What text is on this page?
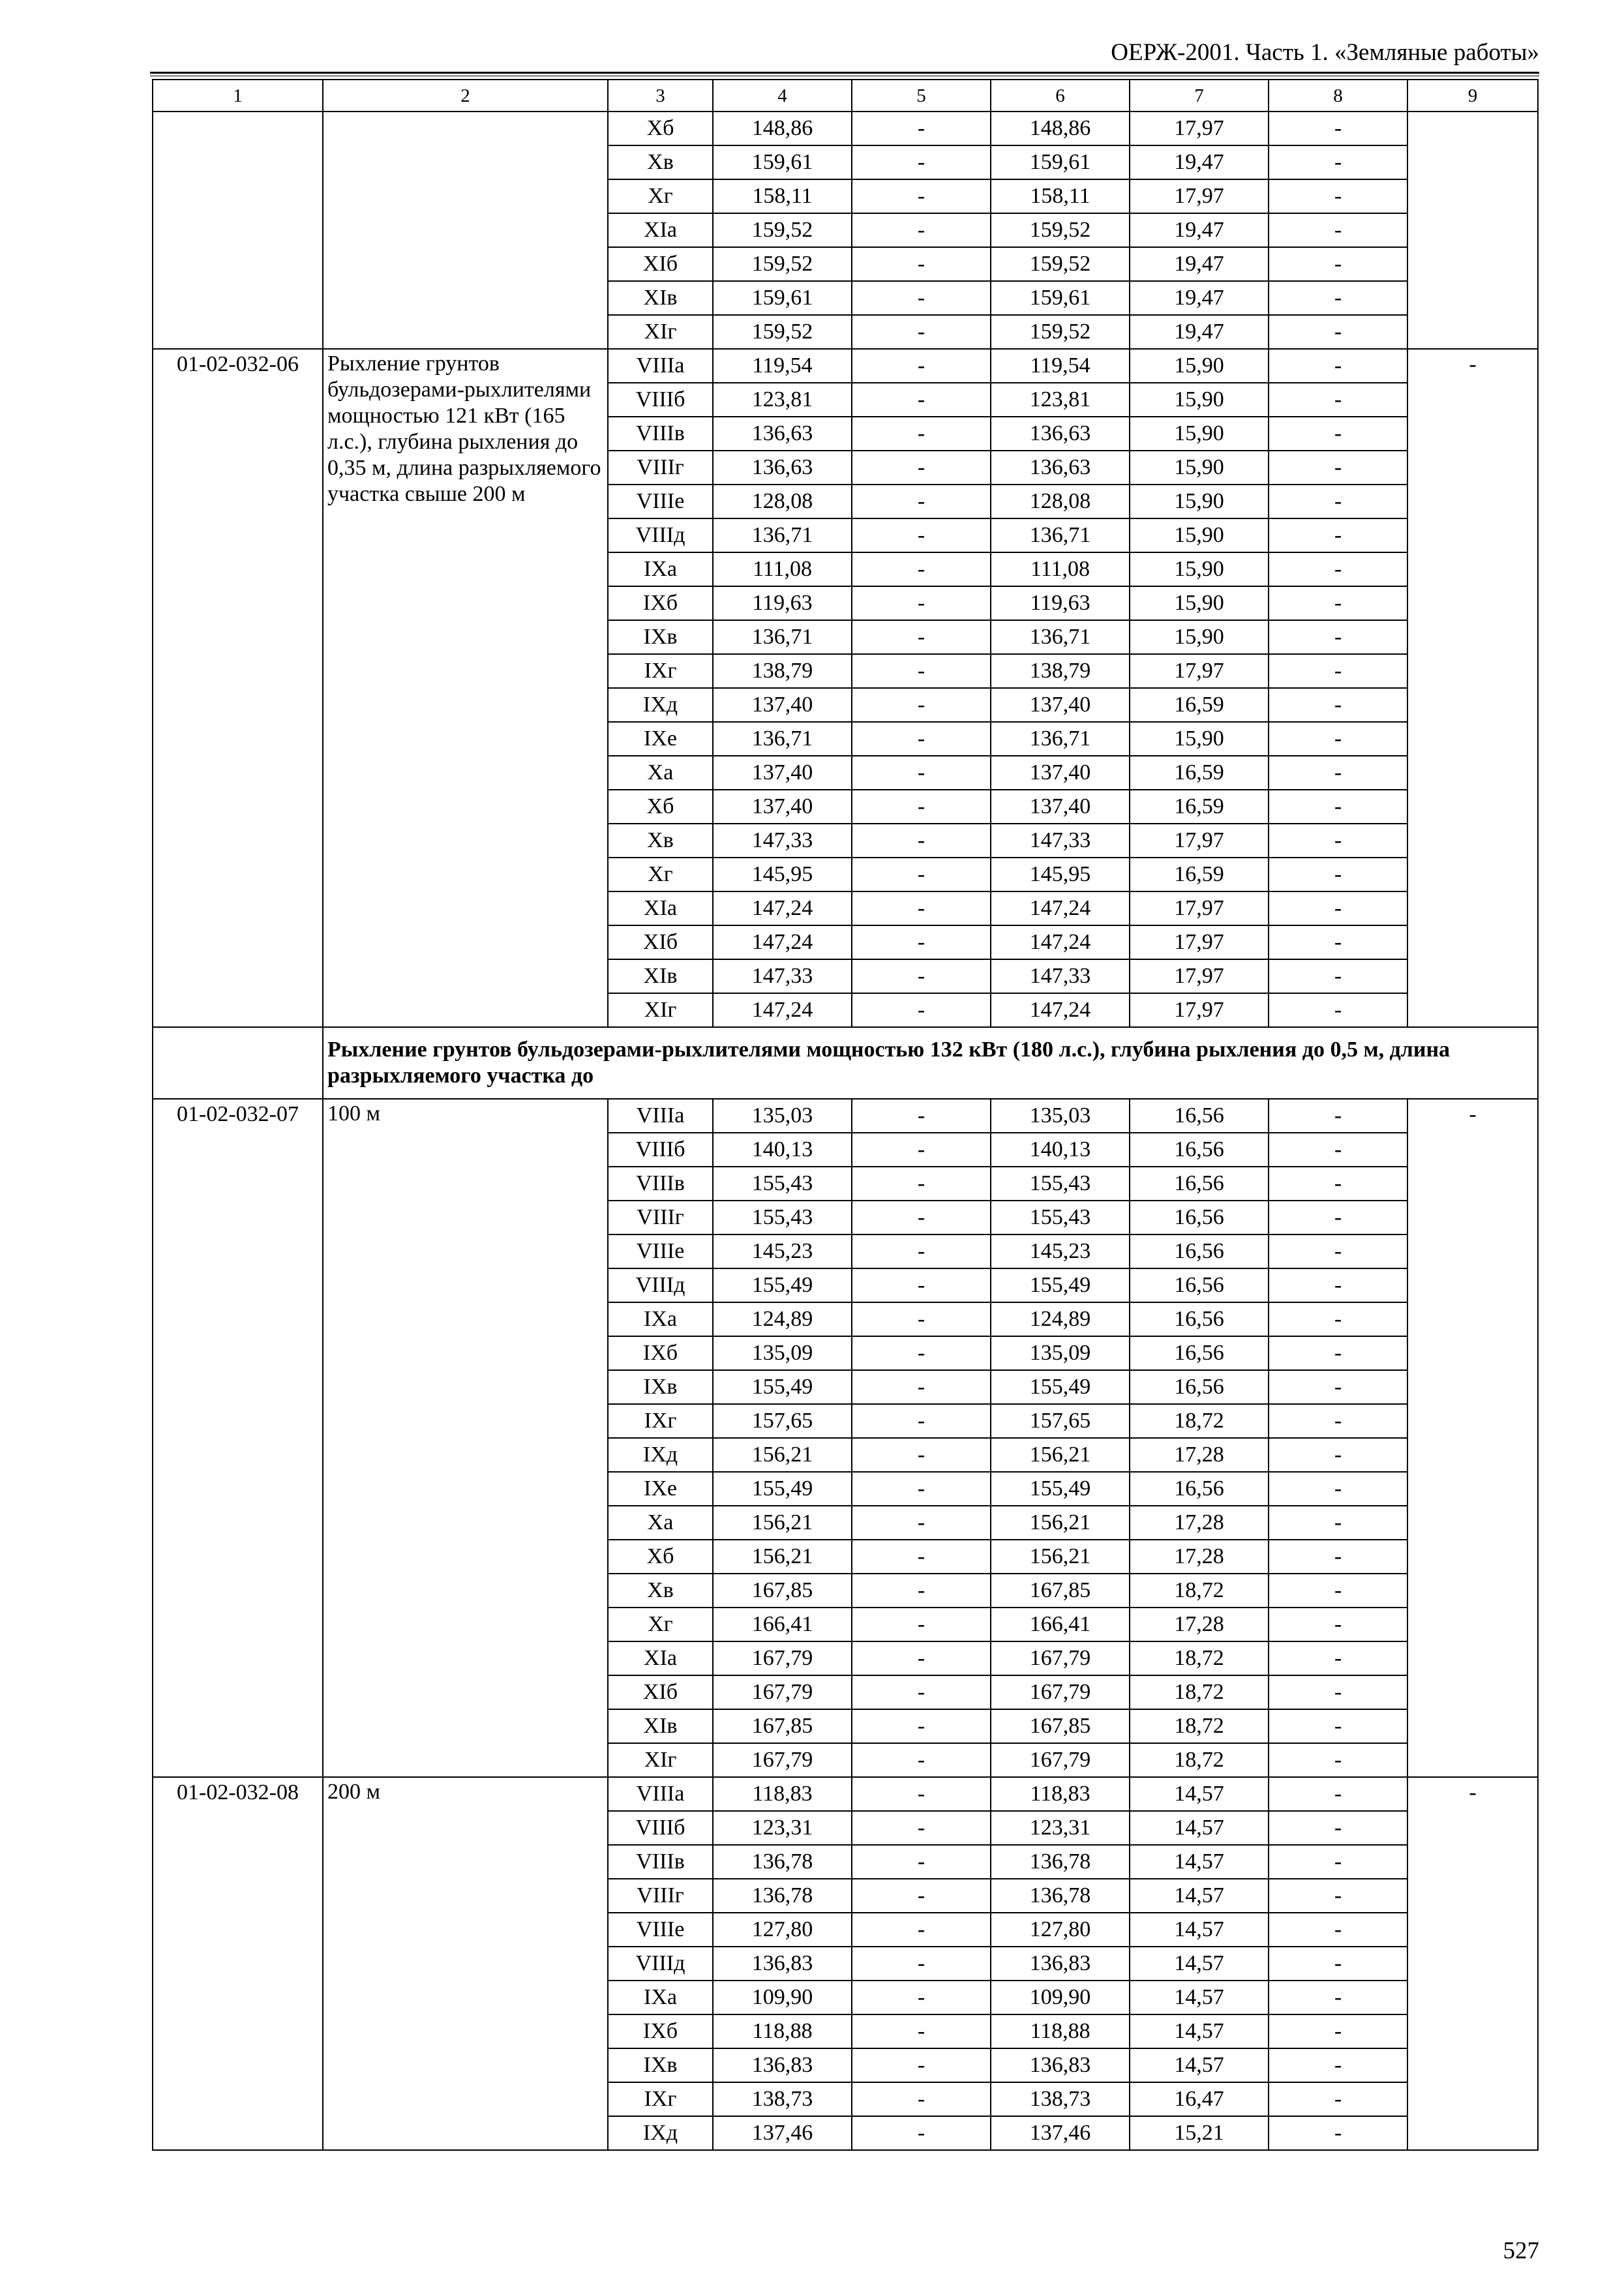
ОЕРЖ-2001. Часть 1. «Земляные работы»
1	2	3	4	5	6	7	8	9
		Xб	148,86	-	148,86	17,97	-	
		Xв	159,61	-	159,61	19,47	-	
		Xг	158,11	-	158,11	17,97	-	
		XIа	159,52	-	159,52	19,47	-	
		XIб	159,52	-	159,52	19,47	-	
		XIв	159,61	-	159,61	19,47	-	
		XIг	159,52	-	159,52	19,47	-	
01-02-032-06	Рыхление грунтов бульдозерами-рыхлителями мощностью 121 кВт (165 л.с.), глубина рыхления до 0,35 м, длина разрыхляемого участка свыше 200 м	VIIIа	119,54	-	119,54	15,90	-	-
		VIIIб	123,81	-	123,81	15,90	-	
		VIIIв	136,63	-	136,63	15,90	-	
		VIIIг	136,63	-	136,63	15,90	-	
		VIIIе	128,08	-	128,08	15,90	-	
		VIIIд	136,71	-	136,71	15,90	-	
		IXа	111,08	-	111,08	15,90	-	
		IXб	119,63	-	119,63	15,90	-	
		IXв	136,71	-	136,71	15,90	-	
		IXг	138,79	-	138,79	17,97	-	
		IXд	137,40	-	137,40	16,59	-	
		IXе	136,71	-	136,71	15,90	-	
		Xа	137,40	-	137,40	16,59	-	
		Xб	137,40	-	137,40	16,59	-	
		Xв	147,33	-	147,33	17,97	-	
		Xг	145,95	-	145,95	16,59	-	
		XIа	147,24	-	147,24	17,97	-	
		XIб	147,24	-	147,24	17,97	-	
		XIв	147,33	-	147,33	17,97	-	
		XIг	147,24	-	147,24	17,97	-	
	Рыхление грунтов бульдозерами-рыхлителями мощностью 132 кВт (180 л.с.), глубина рыхления до 0,5 м, длина разрыхляемого участка до							
01-02-032-07	100 м	VIIIа	135,03	-	135,03	16,56	-	-
		VIIIб	140,13	-	140,13	16,56	-	
		VIIIв	155,43	-	155,43	16,56	-	
		VIIIг	155,43	-	155,43	16,56	-	
		VIIIе	145,23	-	145,23	16,56	-	
		VIIIд	155,49	-	155,49	16,56	-	
		IXа	124,89	-	124,89	16,56	-	
		IXб	135,09	-	135,09	16,56	-	
		IXв	155,49	-	155,49	16,56	-	
		IXг	157,65	-	157,65	18,72	-	
		IXд	156,21	-	156,21	17,28	-	
		IXе	155,49	-	155,49	16,56	-	
		Xа	156,21	-	156,21	17,28	-	
		Xб	156,21	-	156,21	17,28	-	
		Xв	167,85	-	167,85	18,72	-	
		Xг	166,41	-	166,41	17,28	-	
		XIа	167,79	-	167,79	18,72	-	
		XIб	167,79	-	167,79	18,72	-	
		XIв	167,85	-	167,85	18,72	-	
		XIг	167,79	-	167,79	18,72	-	
01-02-032-08	200 м	VIIIа	118,83	-	118,83	14,57	-	-
		VIIIб	123,31	-	123,31	14,57	-	
		VIIIв	136,78	-	136,78	14,57	-	
		VIIIг	136,78	-	136,78	14,57	-	
		VIIIе	127,80	-	127,80	14,57	-	
		VIIIд	136,83	-	136,83	14,57	-	
		IXа	109,90	-	109,90	14,57	-	
		IXб	118,88	-	118,88	14,57	-	
		IXв	136,83	-	136,83	14,57	-	
		IXг	138,73	-	138,73	16,47	-	
		IXд	137,46	-	137,46	15,21	-	
527
